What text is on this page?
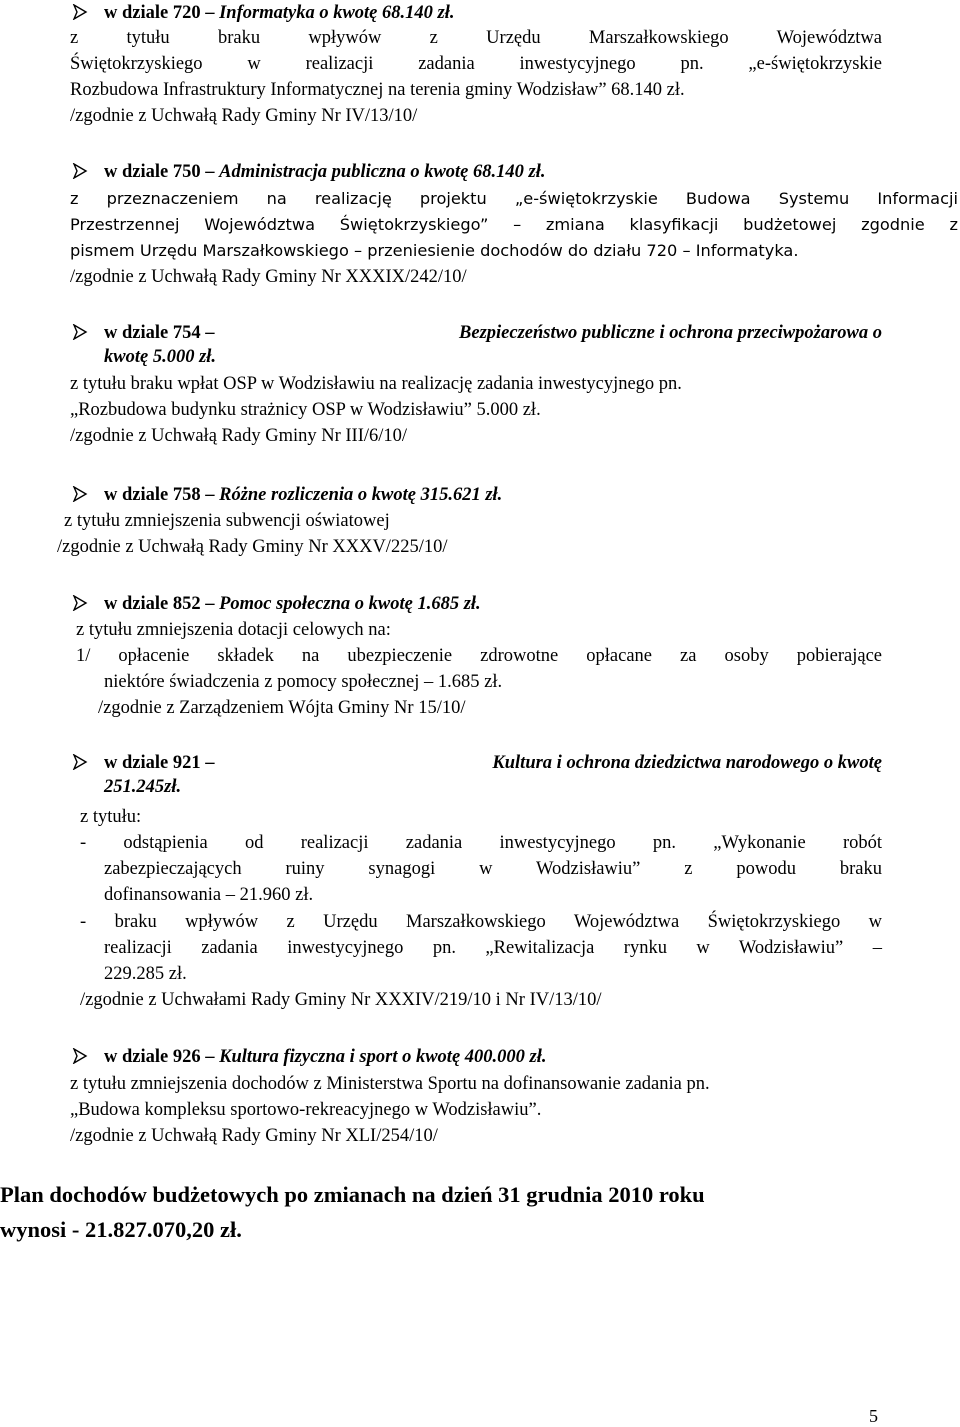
w dziale 720 – Informatyka o kwotę 68.140 zł.
z tytułu braku wpływów z Urzędu Marszałkowskiego Województwa
Świętokrzyskiego w realizacji zadania inwestycyjnego pn. „e-świętokrzyskie
Rozbudowa Infrastruktury Informatycznej na terenia gminy Wodzisław” 68.140 zł.
/zgodnie z Uchwałą Rady Gminy Nr IV/13/10/
w dziale 750 – Administracja publiczna o kwotę 68.140 zł.
z przeznaczeniem na realizację projektu „e-świętokrzyskie Budowa Systemu Informacji
Przestrzennej Województwa Świętokrzyskiego” – zmiana klasyfikacji budżetowej zgodnie z
pismem Urzędu Marszałkowskiego – przeniesienie dochodów do działu 720 – Informatyka.
/zgodnie z Uchwałą Rady Gminy Nr XXXIX/242/10/
w dziale 754 –	Bezpieczeństwo publiczne i ochrona przeciwpożarowa o
kwotę 5.000 zł.
z tytułu braku wpłat OSP w Wodzisławiu na realizację zadania inwestycyjnego pn.
„Rozbudowa budynku strażnicy OSP w Wodzisławiu” 5.000 zł.
/zgodnie z Uchwałą Rady Gminy Nr III/6/10/
w dziale 758 – Różne rozliczenia o kwotę 315.621 zł.
z tytułu zmniejszenia subwencji oświatowej
/zgodnie z Uchwałą Rady Gminy Nr XXXV/225/10/
w dziale 852 – Pomoc społeczna o kwotę 1.685 zł.
z tytułu zmniejszenia dotacji celowych na:
1/ opłacenie składek na ubezpieczenie zdrowotne opłacane za osoby pobierające
niektóre świadczenia z pomocy społecznej – 1.685 zł.
/zgodnie z Zarządzeniem Wójta Gminy Nr 15/10/
w dziale 921 –	Kultura i ochrona dziedzictwa narodowego o kwotę
251.245zł.
z tytułu:
- odstąpienia od realizacji zadania inwestycyjnego pn. „Wykonanie robót
zabezpieczających ruiny synagogi w Wodzisławiu” z powodu braku
dofinansowania – 21.960 zł.
- braku wpływów z Urzędu Marszałkowskiego Województwa Świętokrzyskiego w
realizacji zadania inwestycyjnego pn. „Rewitalizacja rynku w Wodzisławiu” –
229.285 zł.
/zgodnie z Uchwałami Rady Gminy Nr XXXIV/219/10 i Nr IV/13/10/
w dziale 926 – Kultura fizyczna i sport o kwotę 400.000 zł.
z tytułu zmniejszenia dochodów z Ministerstwa Sportu na dofinansowanie zadania pn.
„Budowa kompleksu sportowo-rekreacyjnego w Wodzisławiu”.
/zgodnie z Uchwałą Rady Gminy Nr XLI/254/10/
Plan dochodów budżetowych po zmianach na dzień 31 grudnia 2010 roku
wynosi - 21.827.070,20 zł.
5
